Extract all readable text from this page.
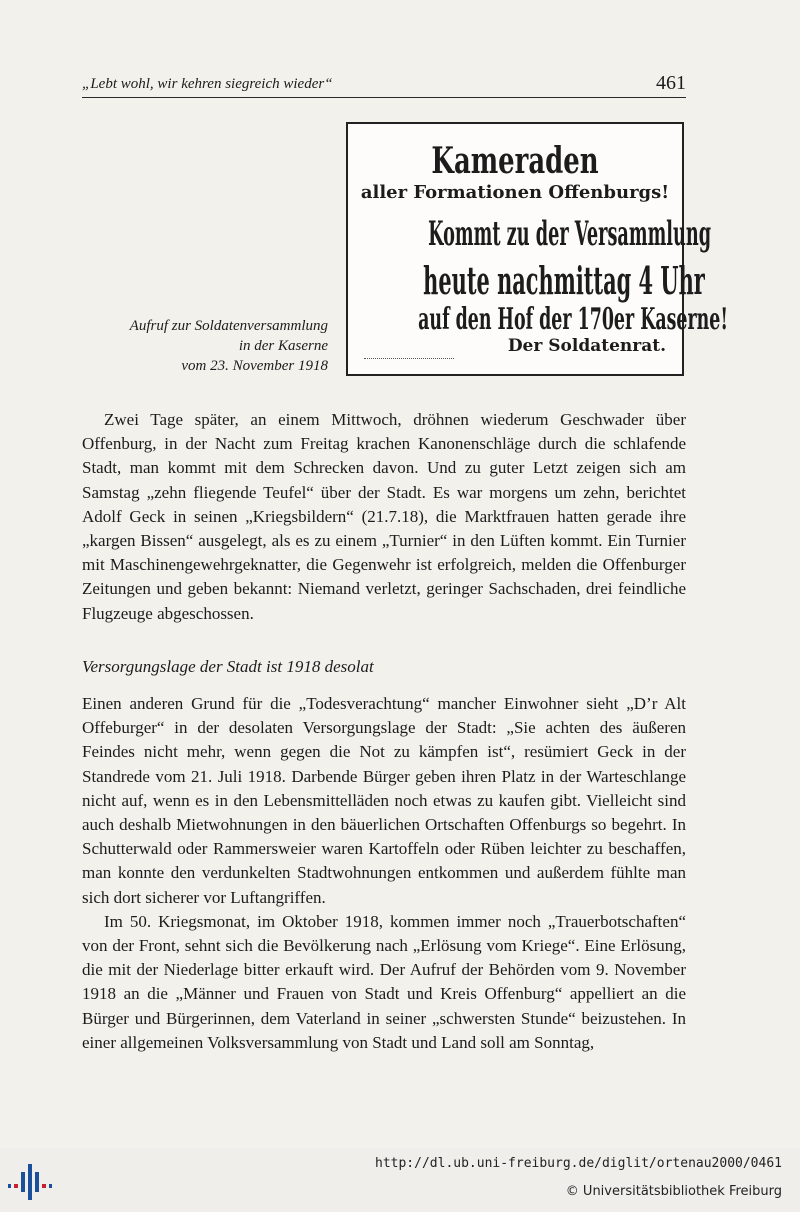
„Lebt wohl, wir kehren siegreich wieder“	461
Kameraden
aller Formationen Offenburgs!
Kommt zu der Versammlung
heute nachmittag 4 Uhr
auf den Hof der 170er Kaserne!
Der Soldatenrat.
Aufruf zur Soldatenversammlung
in der Kaserne
vom 23. November 1918

Zwei Tage später, an einem Mittwoch, dröhnen wiederum Geschwader über Offenburg, in der Nacht zum Freitag krachen Kanonenschläge durch die schlafende Stadt, man kommt mit dem Schrecken davon. Und zu guter Letzt zeigen sich am Samstag „zehn fliegende Teufel“ über der Stadt. Es war morgens um zehn, berichtet Adolf Geck in seinen „Kriegsbildern“ (21.7.18), die Marktfrauen hatten gerade ihre „kargen Bissen“ ausgelegt, als es zu einem „Turnier“ in den Lüften kommt. Ein Turnier mit Maschinengewehrgeknatter, die Gegenwehr ist erfolgreich, melden die Offenburger Zeitungen und geben bekannt: Niemand verletzt, geringer Sachschaden, drei feindliche Flugzeuge abgeschossen.

Versorgungslage der Stadt ist 1918 desolat

Einen anderen Grund für die „Todesverachtung“ mancher Einwohner sieht „D’r Alt Offeburger“ in der desolaten Versorgungslage der Stadt: „Sie achten des äußeren Feindes nicht mehr, wenn gegen die Not zu kämpfen ist“, resümiert Geck in der Standrede vom 21. Juli 1918. Darbende Bürger geben ihren Platz in der Warteschlange nicht auf, wenn es in den Lebensmittelläden noch etwas zu kaufen gibt. Vielleicht sind auch deshalb Mietwohnungen in den bäuerlichen Ortschaften Offenburgs so begehrt. In Schutterwald oder Rammersweier waren Kartoffeln oder Rüben leichter zu beschaffen, man konnte den verdunkelten Stadtwohnungen entkommen und außerdem fühlte man sich dort sicherer vor Luftangriffen.

Im 50. Kriegsmonat, im Oktober 1918, kommen immer noch „Trauerbotschaften“ von der Front, sehnt sich die Bevölkerung nach „Erlösung vom Kriege“. Eine Erlösung, die mit der Niederlage bitter erkauft wird. Der Aufruf der Behörden vom 9. November 1918 an die „Männer und Frauen von Stadt und Kreis Offenburg“ appelliert an die Bürger und Bürgerinnen, dem Vaterland in seiner „schwersten Stunde“ beizustehen. In einer allgemeinen Volksversammlung von Stadt und Land soll am Sonntag,

http://dl.ub.uni-freiburg.de/diglit/ortenau2000/0461
© Universitätsbibliothek Freiburg
